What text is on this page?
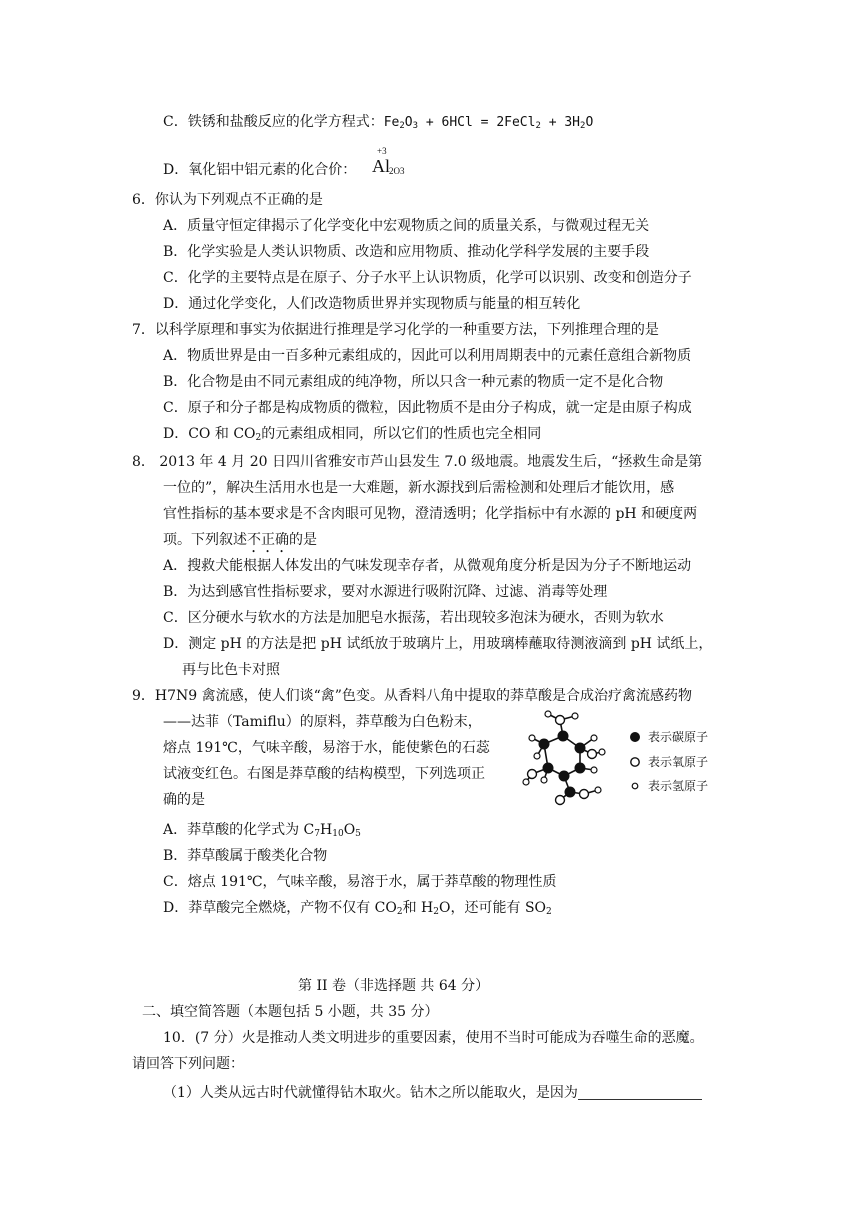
C．铁锈和盐酸反应的化学方程式：$Fe_2O_3 + 6HCl$ = 2FeCl$_2$ + $3H_2O$
D．氧化铝中铝元素的化合价：
+3
Al 2O3
6．你认为下列观点不正确的是
A．质量守恒定律揭示了化学变化中宏观物质之间的质量关系，与微观过程无关
B．化学实验是人类认识物质、改造和应用物质、推动化学科学发展的主要手段
C．化学的主要特点是在原子、分子水平上认识物质，化学可以识别、改变和创造分子
D．通过化学变化，人们改造物质世界并实现物质与能量的相互转化
7．以科学原理和事实为依据进行推理是学习化学的一种重要方法，下列推理合理的是
A．物质世界是由一百多种元素组成的，因此可以利用周期表中的元素任意组合新物质
B．化合物是由不同元素组成的纯净物，所以只含一种元素的物质一定不是化合物
C．原子和分子都是构成物质的微粒，因此物质不是由分子构成，就一定是由原子构成
D．CO 和 $CO_2$的元素组成相同，所以它们的性质也完全相同
8． 2013 年 4 月 20 日四川省雅安市芦山县发生 7.0 级地震。地震发生后，“拯救生命是第
一位的”，解决生活用水也是一大难题，新水源找到后需检测和处理后才能饮用，感
官性指标的基本要求是不含肉眼可见物，澄清透明；化学指标中有水源的 pH 和硬度两
项。下列叙述不正确的是
A．搜救犬能根据人体发出的气味发现幸存者，从微观角度分析是因为分子不断地运动
B．为达到感官性指标要求，要对水源进行吸附沉降、过滤、消毒等处理
C．区分硬水与软水的方法是加肥皂水振荡，若出现较多泡沫为硬水，否则为软水
D．测定 pH 的方法是把 pH 试纸放于玻璃片上，用玻璃棒蘸取待测液滴到 pH 试纸上，
再与比色卡对照
9．H7N9 禽流感，使人们谈“禽”色变。从香料八角中提取的莽草酸是合成治疗禽流感药物
——达菲（Tamiflu）的原料，莽草酸为白色粉末，
熔点 191℃，气味辛酸，易溶于水，能使紫色的石蕊
试液变红色。右图是莽草酸的结构模型，下列选项正
确的是
A．莽草酸的化学式为 $C_7H_{10}O_5$
B．莽草酸属于酸类化合物
C．熔点 191℃，气味辛酸，易溶于水，属于莽草酸的物理性质
D．莽草酸完全燃烧，产物不仅有 $CO_2$和 $H_2O$，还可能有 $SO_2$
表示碳原子
表示氧原子
表示氢原子
第 II 卷（非选择题 共 64 分）
二、填空简答题（本题包括 5 小题，共 35 分）
10．(7 分）火是推动人类文明进步的重要因素，使用不当时可能成为吞噬生命的恶魔。
请回答下列问题：
（1）人类从远古时代就懂得钻木取火。钻木之所以能取火，是因为
